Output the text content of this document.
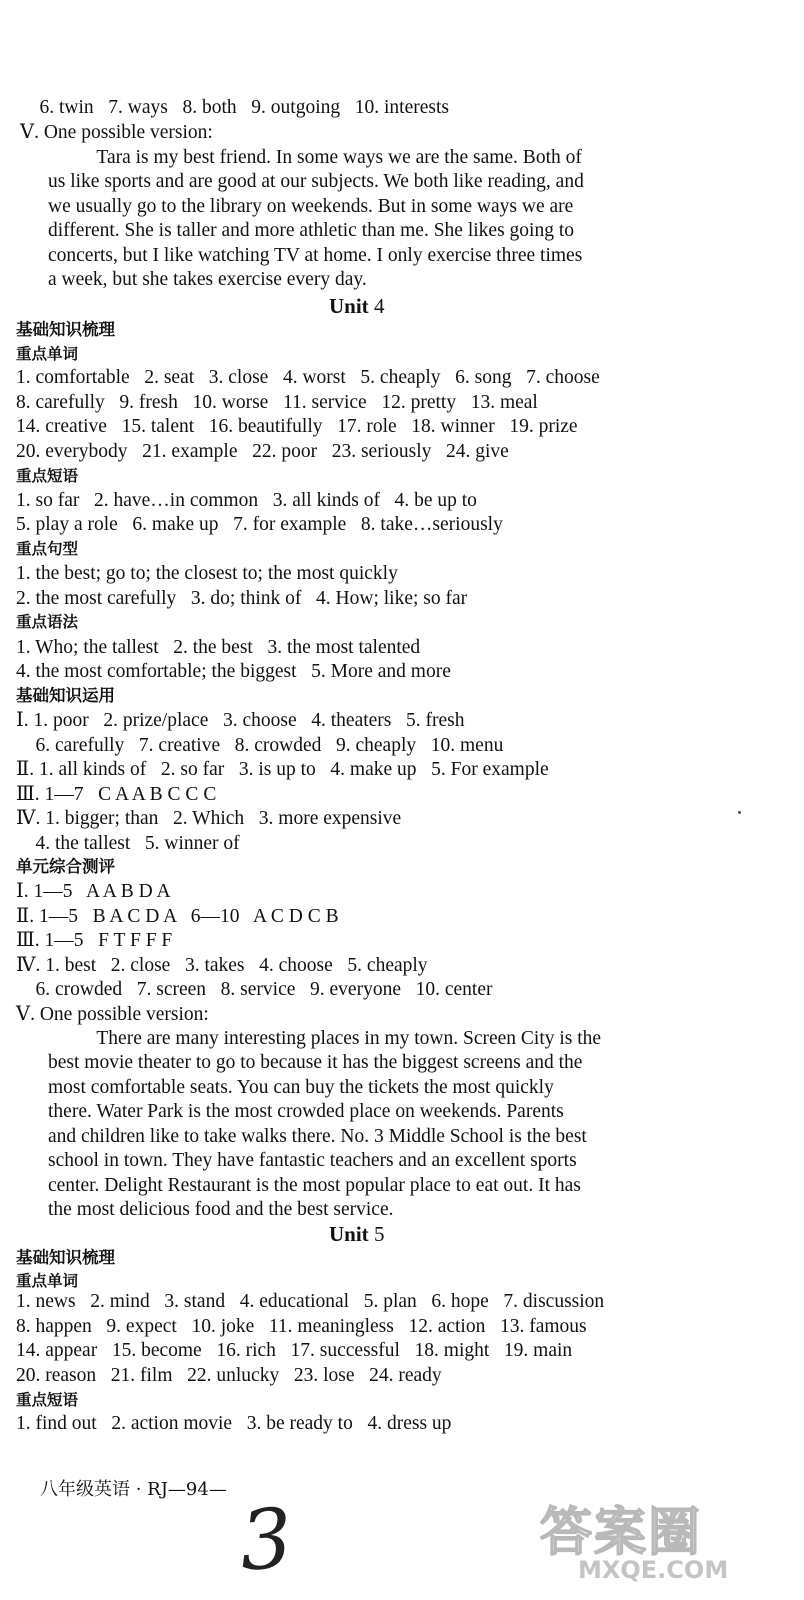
6. twin   7. ways   8. both   9. outgoing   10. interests
Ⅴ. One possible version:
Tara is my best friend. In some ways we are the same. Both of
us like sports and are good at our subjects. We both like reading, and
we usually go to the library on weekends. But in some ways we are
different. She is taller and more athletic than me. She likes going to
concerts, but I like watching TV at home. I only exercise three times
a week, but she takes exercise every day.
Unit 4
基础知识梳理
重点单词
1. comfortable   2. seat   3. close   4. worst   5. cheaply   6. song   7. choose
8. carefully   9. fresh   10. worse   11. service   12. pretty   13. meal
14. creative   15. talent   16. beautifully   17. role   18. winner   19. prize
20. everybody   21. example   22. poor   23. seriously   24. give
重点短语
1. so far   2. have…in common   3. all kinds of   4. be up to
5. play a role   6. make up   7. for example   8. take…seriously
重点句型
1. the best; go to; the closest to; the most quickly
2. the most carefully   3. do; think of   4. How; like; so far
重点语法
1. Who; the tallest   2. the best   3. the most talented
4. the most comfortable; the biggest   5. More and more
基础知识运用
Ⅰ. 1. poor   2. prize/place   3. choose   4. theaters   5. fresh
6. carefully   7. creative   8. crowded   9. cheaply   10. menu
Ⅱ. 1. all kinds of   2. so far   3. is up to   4. make up   5. For example
Ⅲ. 1—7   C A A B C C C
Ⅳ. 1. bigger; than   2. Which   3. more expensive
4. the tallest   5. winner of
单元综合测评
Ⅰ. 1—5   A A B D A
Ⅱ. 1—5   B A C D A   6—10   A C D C B
Ⅲ. 1—5   F T F F F
Ⅳ. 1. best   2. close   3. takes   4. choose   5. cheaply
6. crowded   7. screen   8. service   9. everyone   10. center
Ⅴ. One possible version:
There are many interesting places in my town. Screen City is the
best movie theater to go to because it has the biggest screens and the
most comfortable seats. You can buy the tickets the most quickly
there. Water Park is the most crowded place on weekends. Parents
and children like to take walks there. No. 3 Middle School is the best
school in town. They have fantastic teachers and an excellent sports
center. Delight Restaurant is the most popular place to eat out. It has
the most delicious food and the best service.
Unit 5
基础知识梳理
重点单词
1. news   2. mind   3. stand   4. educational   5. plan   6. hope   7. discussion
8. happen   9. expect   10. joke   11. meaningless   12. action   13. famous
14. appear   15. become   16. rich   17. successful   18. might   19. main
20. reason   21. film   22. unlucky   23. lose   24. ready
重点短语
1. find out   2. action movie   3. be ready to   4. dress up
八年级英语 · RJ—94—
3	答案圈
MXQE.COM
